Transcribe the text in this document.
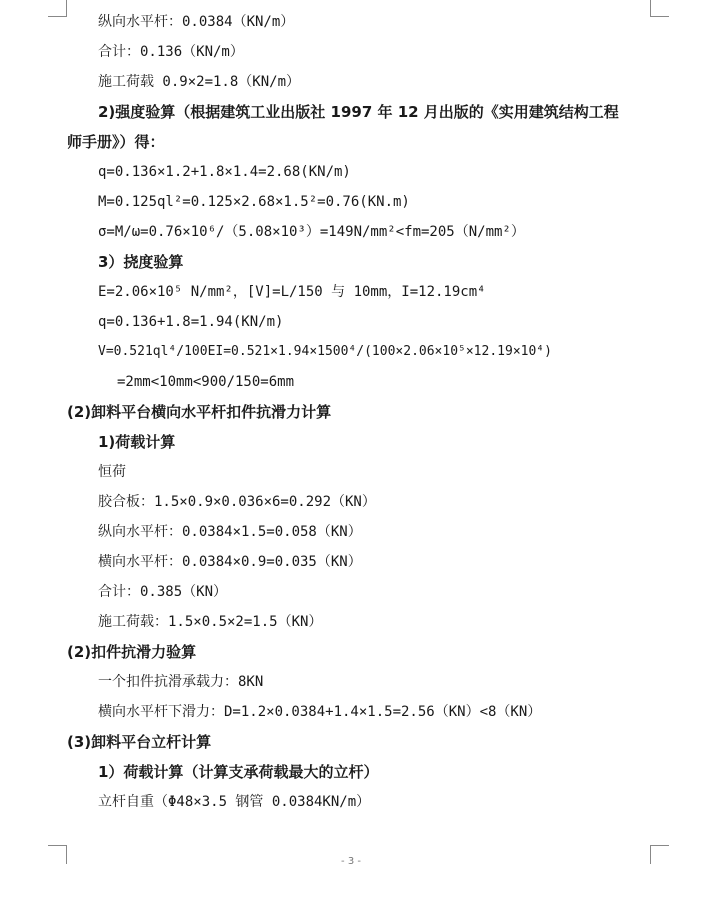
纵向水平杆：0.0384（KN/m）
合计：0.136（KN/m）
施工荷载 0.9×2=1.8（KN/m）
2)强度验算（根据建筑工业出版社 1997 年 12 月出版的《实用建筑结构工程
师手册》）得：
q=0.136×1.2+1.8×1.4=2.68(KN/m)
M=0.125ql²=0.125×2.68×1.5²=0.76(KN.m)
σ=M/ω=0.76×10⁶/（5.08×10³）=149N/mm²<fm=205（N/mm²）
3）挠度验算
E=2.06×10⁵ N/mm²，[V]=L/150 与 10mm，I=12.19cm⁴
q=0.136+1.8=1.94(KN/m)
V=0.521ql⁴/100EI=0.521×1.94×1500⁴/(100×2.06×10⁵×12.19×10⁴)
=2mm<10mm<900/150=6mm
(2)卸料平台横向水平杆扣件抗滑力计算
1)荷载计算
恒荷
胶合板：1.5×0.9×0.036×6=0.292（KN）
纵向水平杆：0.0384×1.5=0.058（KN）
横向水平杆：0.0384×0.9=0.035（KN）
合计：0.385（KN）
施工荷载：1.5×0.5×2=1.5（KN）
(2)扣件抗滑力验算
一个扣件抗滑承载力：8KN
横向水平杆下滑力：D=1.2×0.0384+1.4×1.5=2.56（KN）<8（KN）
(3)卸料平台立杆计算
1）荷载计算（计算支承荷载最大的立杆）
立杆自重（Φ48×3.5 钢管 0.0384KN/m）
- 3 -
